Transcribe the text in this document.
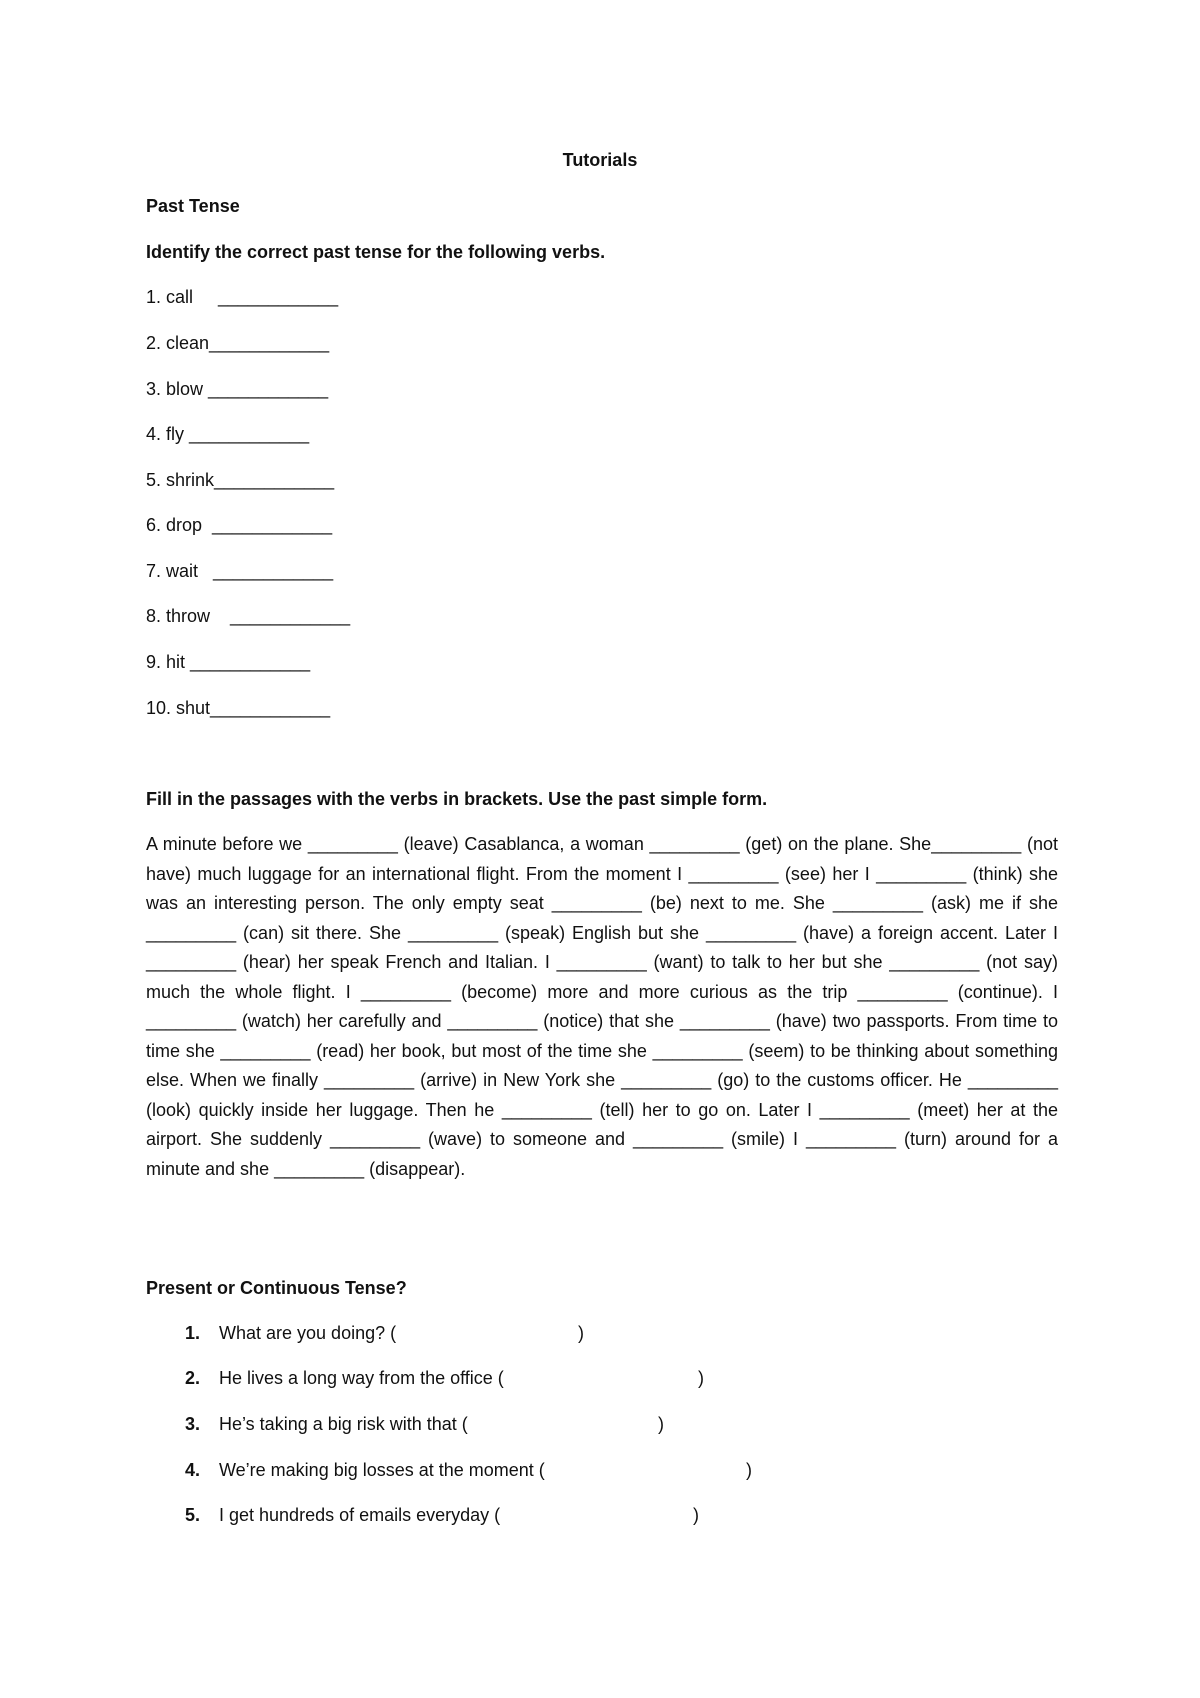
Tutorials
Past Tense
Identify the correct past tense for the following verbs.
1. call     ____________
2. clean____________
3. blow ____________
4. fly ____________
5. shrink____________
6. drop  ____________
7. wait   ____________
8. throw    ____________
9. hit ____________
10. shut____________
Fill in the passages with the verbs in brackets. Use the past simple form.
A minute before we _________ (leave) Casablanca, a woman _________ (get) on the plane. She_________ (not have) much luggage for an international flight. From the moment I _________ (see) her I _________ (think) she was an interesting person. The only empty seat _________ (be) next to me. She _________ (ask) me if she _________ (can) sit there. She _________ (speak) English but she _________ (have) a foreign accent. Later I _________ (hear) her speak French and Italian. I _________ (want) to talk to her but she _________ (not say) much the whole flight. I _________ (become) more and more curious as the trip _________ (continue). I _________ (watch) her carefully and _________ (notice) that she _________ (have) two passports. From time to time she _________ (read) her book, but most of the time she _________ (seem) to be thinking about something else. When we finally _________ (arrive) in New York she _________ (go) to the customs officer. He _________ (look) quickly inside her luggage. Then he _________ (tell) her to go on. Later I _________ (meet) her at the airport. She suddenly _________ (wave) to someone and _________ (smile) I _________ (turn) around for a minute and she _________ (disappear).
Present or Continuous Tense?
1. What are you doing? (	)
2. He lives a long way from the office (	)
3. He’s taking a big risk with that (	)
4. We’re making big losses at the moment (	)
5. I get hundreds of emails everyday (	)
